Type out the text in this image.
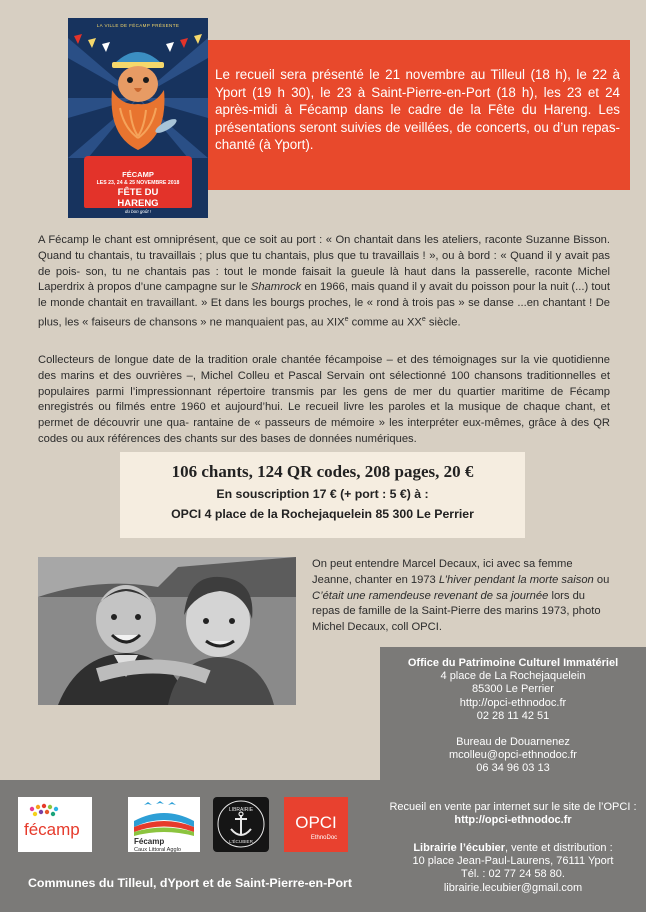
Le recueil sera présenté le 21 novembre au Tilleul (18 h), le 22 à Yport (19 h 30), le 23 à Saint-Pierre-en-Port (18 h), les 23 et 24 après-midi à Fécamp dans le cadre de la Fête du Hareng. Les présentations seront suivies de veillées, de concerts, ou d’un repas-chanté (à Yport).
LA VILLE DE FÉCAMP PRÉSENTE
FÉCAMP
LES 23, 24 & 25 NOVEMBRE 2018
FÊTE DU
HARENG
du bon goût !

A Fécamp le chant est omniprésent, que ce soit au port : « On chantait dans les ateliers, raconte Suzanne Bisson. Quand tu chantais, tu travaillais ; plus que tu chantais, plus que tu travaillais ! », ou à bord : « Quand il y avait pas de pois- son, tu ne chantais pas : tout le monde faisait la gueule là haut dans la passerelle, raconte Michel Laperdrix à propos d’une campagne sur le Shamrock en 1966, mais quand il y avait du poisson pour la nuit (...) tout le monde chantait en travaillant. » Et dans les bourgs proches, le « rond à trois pas » se danse ...en chantant ! De plus, les « faiseurs de chansons » ne manquaient pas, au XIXe comme au XXe siècle.

Collecteurs de longue date de la tradition orale chantée fécampoise – et des témoignages sur la vie quotidienne des marins et des ouvrières –, Michel Colleu et Pascal Servain ont sélectionné 100 chansons traditionnelles et populaires parmi l’impressionnant répertoire transmis par les gens de mer du quartier maritime de Fécamp enregistrés ou filmés entre 1960 et aujourd’hui. Le recueil livre les paroles et la musique de chaque chant, et permet de découvrir une qua- rantaine de « passeurs de mémoire » les interpréter eux-mêmes, grâce à des QR codes ou aux références des chants sur des bases de données numériques.

106 chants, 124 QR codes, 208 pages, 20 €
En souscription 17 € (+ port : 5 €) à :
OPCI 4 place de la Rochejaquelein 85 300 Le Perrier

On peut entendre Marcel Decaux, ici avec sa femme Jeanne, chanter en 1973 L’hiver pendant la morte saison ou C’était une ramendeuse revenant de sa journée lors du repas de famille de la Saint-Pierre des marins 1973, photo Michel Decaux, coll OPCI.

Office du Patrimoine Culturel Immatériel
4 place de La Rochejaquelein
85300 Le Perrier
http://opci-ethnodoc.fr
02 28 11 42 51
Bureau de Douarnenez
mcolleu@opci-ethnodoc.fr
06 34 96 03 13
Recueil en vente par internet sur le site de l’OPCI :
http://opci-ethnodoc.fr
Librairie l’écubier, vente et distribution :
10 place Jean-Paul-Laurens, 76111 Yport
Tél. : 02 77 24 58 80.
librairie.lecubier@gmail.com
fécamp
Fécamp
Caux Littoral Agglo
LIBRAIRIE
L'ÉCUBIER
OPCI
EthnoDoc
Communes du Tilleul, dYport et de Saint-Pierre-en-Port
